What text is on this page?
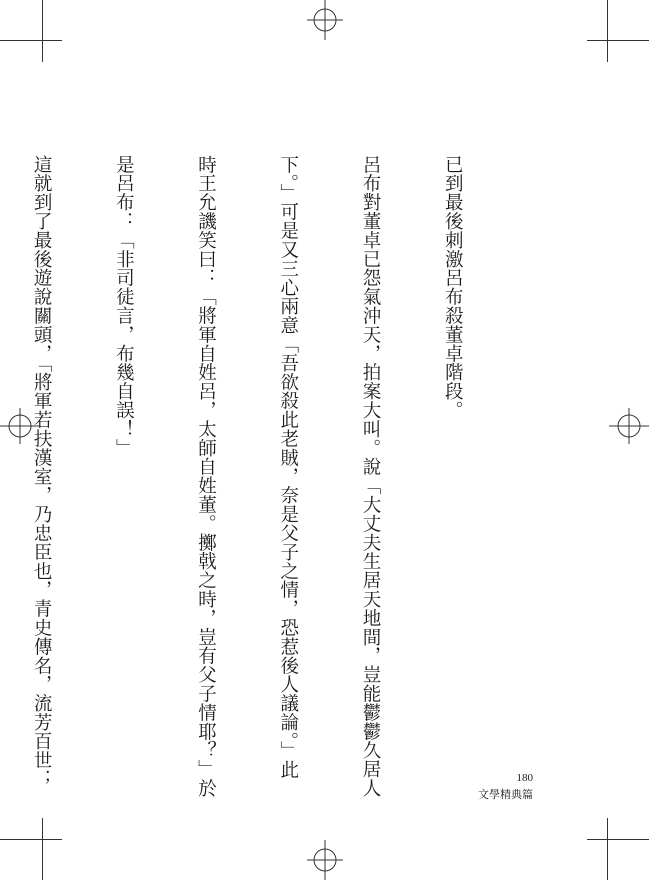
已到最後刺激呂布殺董卓階段。

呂布對董卓已怨氣沖天，拍案大叫。說「大丈夫生居天地間，豈能鬱鬱久居人

下。」可是又三心兩意「吾欲殺此老賊，奈是父子之情，恐惹後人議論。」此

時王允譏笑曰：「將軍自姓呂，太師自姓董。擲戟之時，豈有父子情耶？」於

是呂布：「非司徒言，布幾自誤！」

這就到了最後遊說關頭，「將軍若扶漢室，乃忠臣也，青史傳名，流芳百世；

	180
文學精典篇
